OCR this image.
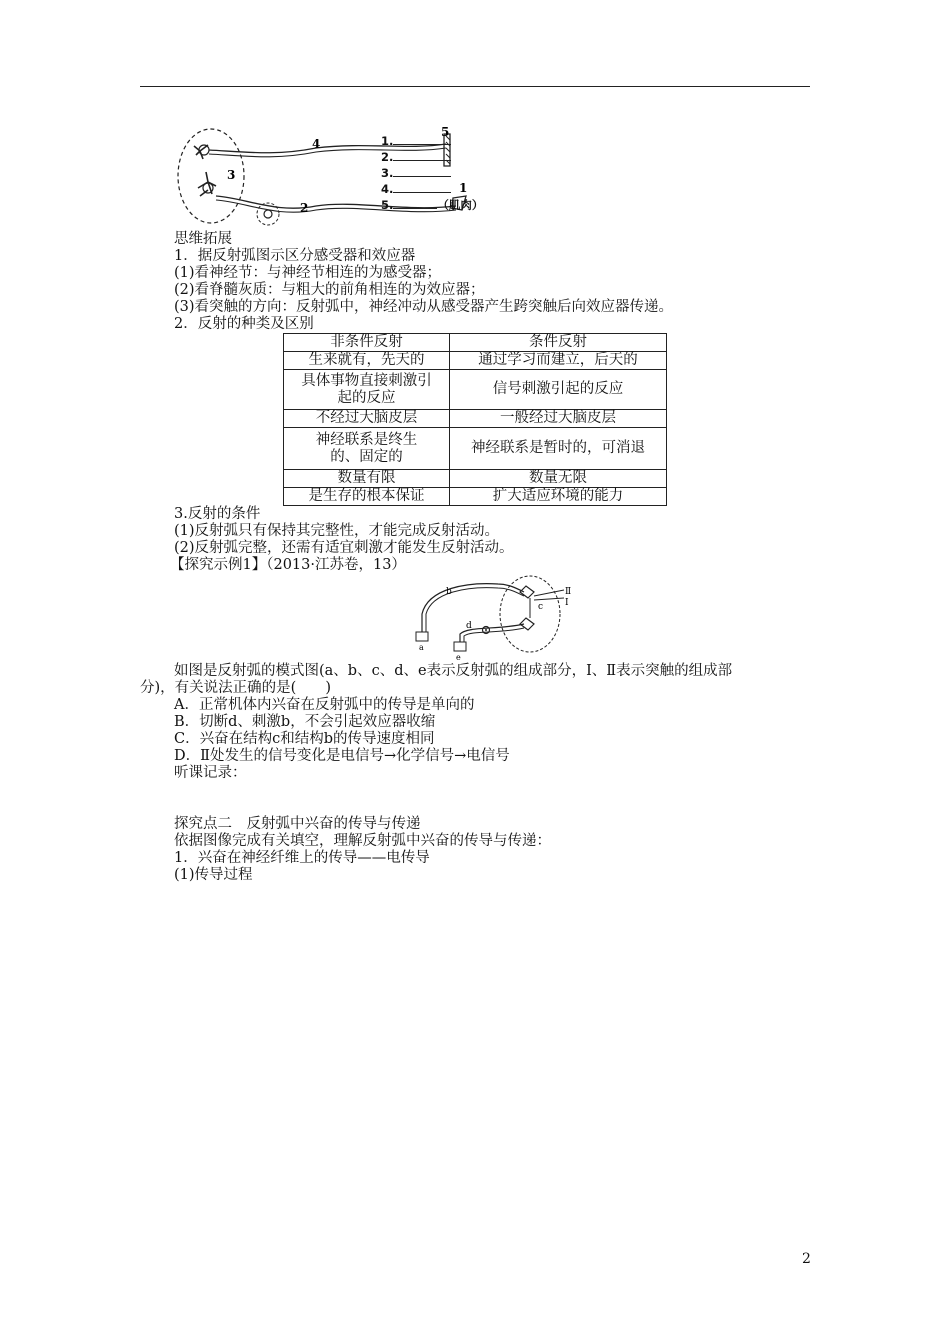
3
4
5
1
2
1.
2.
3.
4.
5.	（肌肉）
思维拓展
1．据反射弧图示区分感受器和效应器
(1)看神经节：与神经节相连的为感受器；
(2)看脊髓灰质：与粗大的前角相连的为效应器；
(3)看突触的方向：反射弧中，神经冲动从感受器产生跨突触后向效应器传递。
2．反射的种类及区别
非条件反射	条件反射
生来就有，先天的	通过学习而建立，后天的
具体事物直接刺激引起的反应	信号刺激引起的反应
不经过大脑皮层	一般经过大脑皮层
神经联系是终生的、固定的	神经联系是暂时的，可消退
数量有限	数量无限
是生存的根本保证	扩大适应环境的能力
3.反射的条件
(1)反射弧只有保持其完整性，才能完成反射活动。
(2)反射弧完整，还需有适宜刺激才能发生反射活动。
【探究示例1】（2013·江苏卷，13）
a
b
c
d
e
Ⅱ
Ⅰ
如图是反射弧的模式图(a、b、c、d、e表示反射弧的组成部分，Ⅰ、Ⅱ表示突触的组成部
分)，有关说法正确的是(　　)
A．正常机体内兴奋在反射弧中的传导是单向的
B．切断d、刺激b，不会引起效应器收缩
C．兴奋在结构c和结构b的传导速度相同
D．Ⅱ处发生的信号变化是电信号→化学信号→电信号
听课记录：
探究点二　反射弧中兴奋的传导与传递
依据图像完成有关填空，理解反射弧中兴奋的传导与传递：
1．兴奋在神经纤维上的传导——电传导
(1)传导过程
2
